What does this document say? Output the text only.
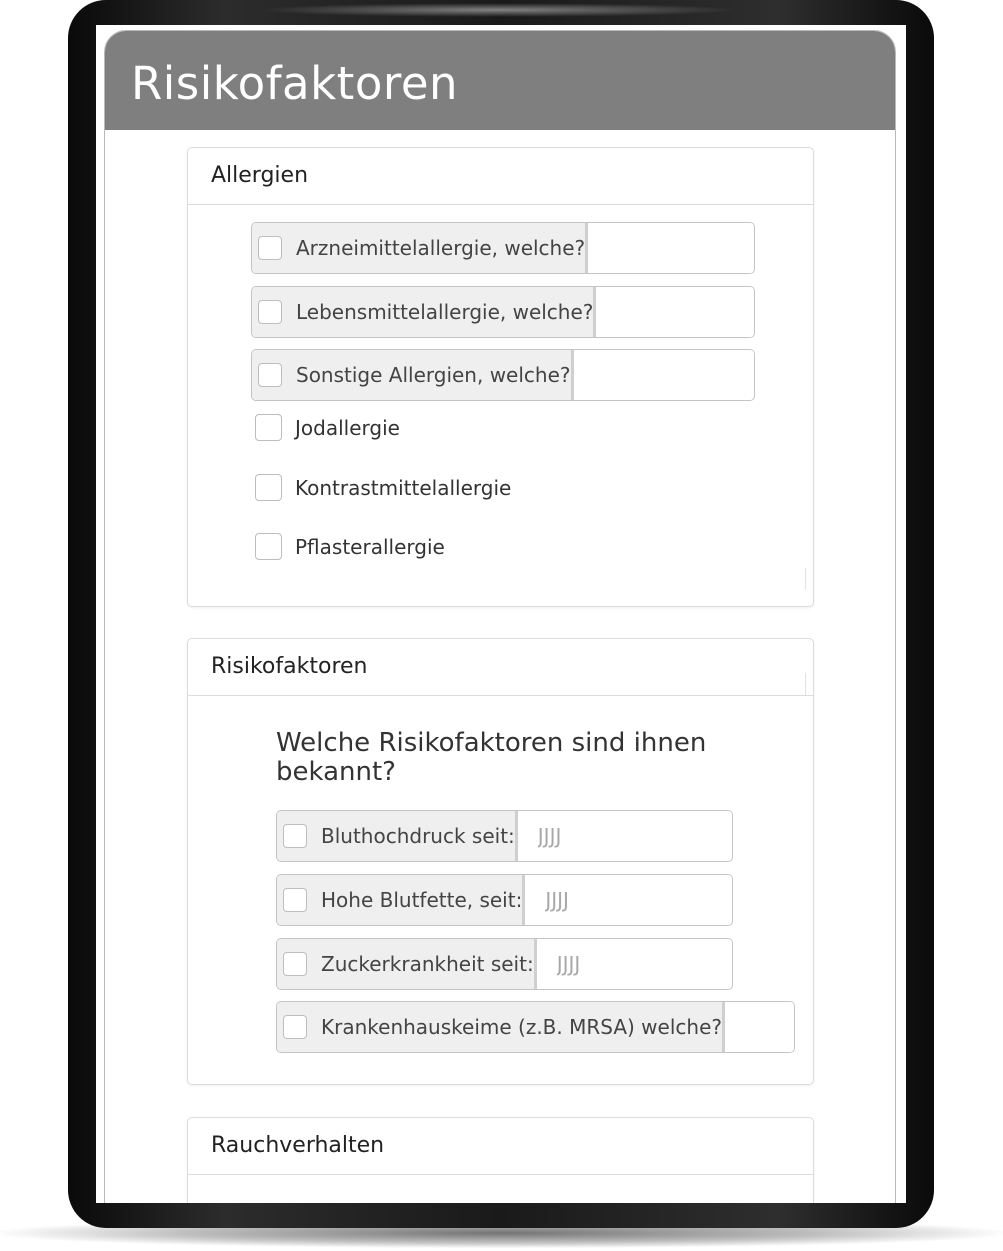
Risikofaktoren
Allergien
Arzneimittelallergie, welche?
Lebensmittelallergie, welche?
Sonstige Allergien, welche?
Jodallergie
Kontrastmittelallergie
Pflasterallergie
Risikofaktoren
Welche Risikofaktoren sind ihnen bekannt?
Bluthochdruck seit:
JJJJ
Hohe Blutfette, seit:
JJJJ
Zuckerkrankheit seit:
JJJJ
Krankenhauskeime (z.B. MRSA) welche?
Rauchverhalten
